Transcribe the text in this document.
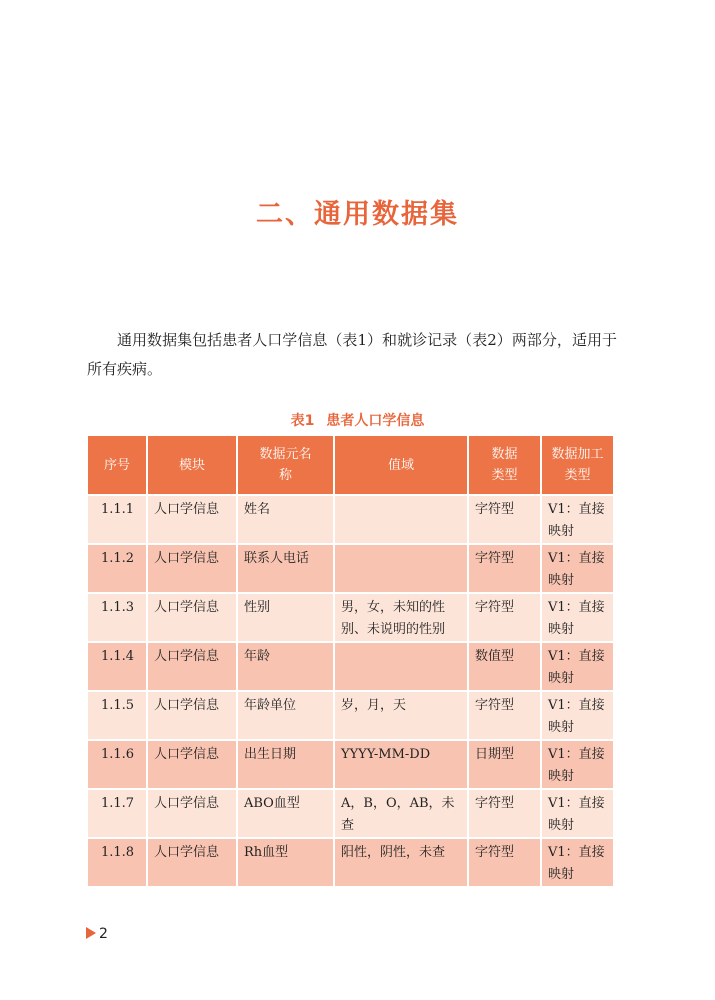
二、通用数据集
通用数据集包括患者人口学信息（表1）和就诊记录（表2）两部分，适用于所有疾病。
表1 患者人口学信息
序号	模块	数据元名称	值域	数据类型	数据加工类型
1.1.1	人口学信息	姓名		字符型	V1：直接映射
1.1.2	人口学信息	联系人电话		字符型	V1：直接映射
1.1.3	人口学信息	性别	男，女，未知的性别、未说明的性别	字符型	V1：直接映射
1.1.4	人口学信息	年龄		数值型	V1：直接映射
1.1.5	人口学信息	年龄单位	岁，月，天	字符型	V1：直接映射
1.1.6	人口学信息	出生日期	YYYY-MM-DD	日期型	V1：直接映射
1.1.7	人口学信息	ABO血型	A，B，O，AB，未查	字符型	V1：直接映射
1.1.8	人口学信息	Rh血型	阳性，阴性，未查	字符型	V1：直接映射
2
